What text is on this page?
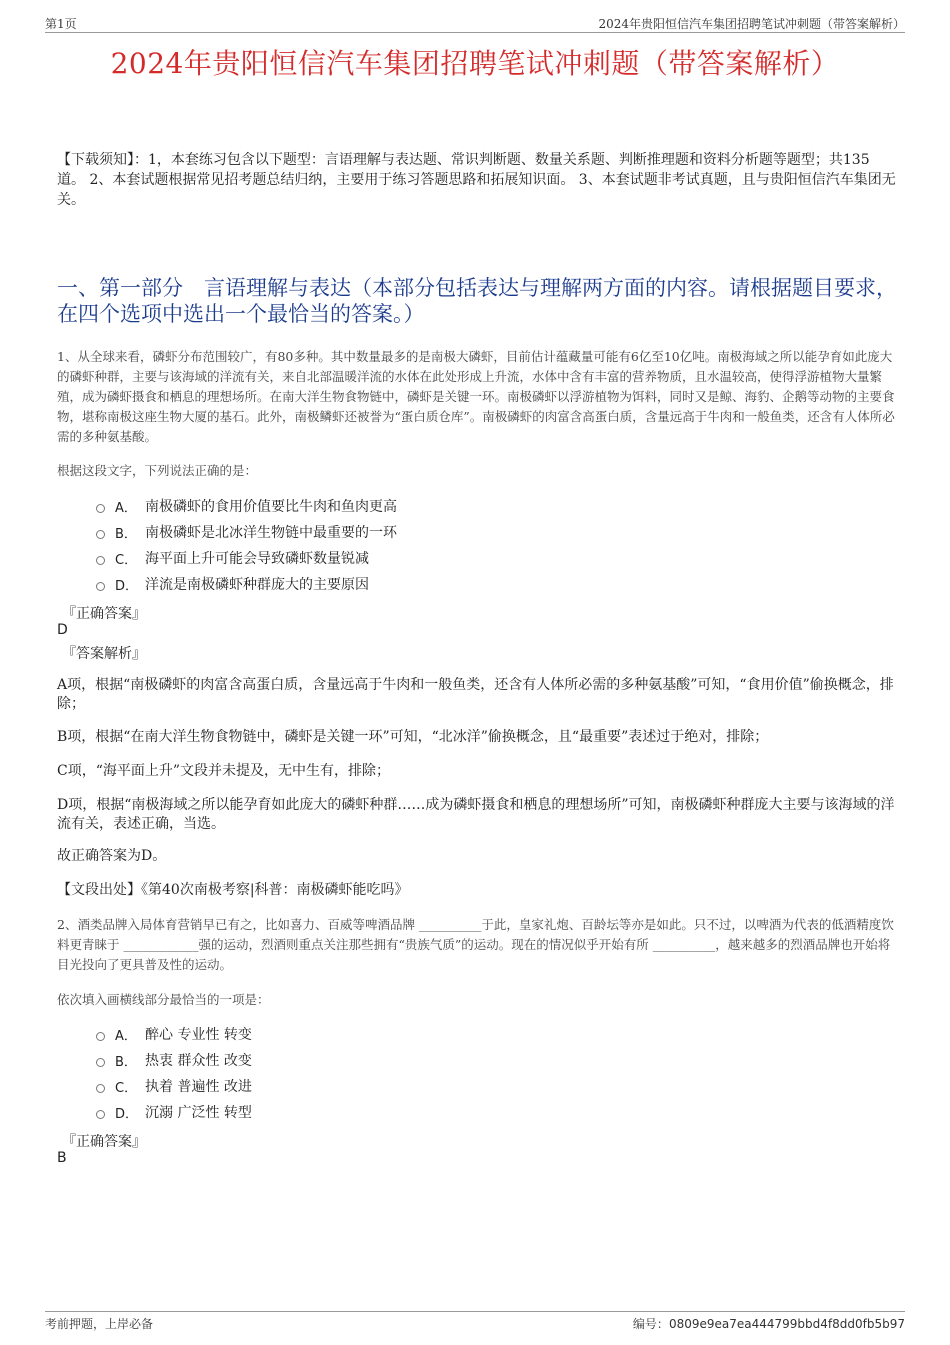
第1页	2024年贵阳恒信汽车集团招聘笔试冲刺题（带答案解析）
2024年贵阳恒信汽车集团招聘笔试冲刺题（带答案解析）
【下载须知】：1，本套练习包含以下题型：言语理解与表达题、常识判断题、数量关系题、判断推理题和资料分析题等题型；共135道。 2、本套试题根据常见招考题总结归纳，主要用于练习答题思路和拓展知识面。 3、本套试题非考试真题，且与贵阳恒信汽车集团无关。
一、第一部分　言语理解与表达（本部分包括表达与理解两方面的内容。请根据题目要求，在四个选项中选出一个最恰当的答案。）
1、从全球来看，磷虾分布范围较广，有80多种。其中数量最多的是南极大磷虾，目前估计蕴藏量可能有6亿至10亿吨。南极海域之所以能孕育如此庞大的磷虾种群，主要与该海域的洋流有关，来自北部温暖洋流的水体在此处形成上升流，水体中含有丰富的营养物质，且水温较高，使得浮游植物大量繁殖，成为磷虾摄食和栖息的理想场所。在南大洋生物食物链中，磷虾是关键一环。南极磷虾以浮游植物为饵料，同时又是鲸、海豹、企鹅等动物的主要食物，堪称南极这座生物大厦的基石。此外，南极鳞虾还被誉为“蛋白质仓库”。南极磷虾的肉富含高蛋白质，含量远高于牛肉和一般鱼类，还含有人体所必需的多种氨基酸。
根据这段文字，下列说法正确的是：
A． 南极磷虾的食用价值要比牛肉和鱼肉更高
B． 南极磷虾是北冰洋生物链中最重要的一环
C． 海平面上升可能会导致磷虾数量锐减
D． 洋流是南极磷虾种群庞大的主要原因
『正确答案』
D
『答案解析』
A项，根据“南极磷虾的肉富含高蛋白质，含量远高于牛肉和一般鱼类，还含有人体所必需的多种氨基酸”可知，“食用价值”偷换概念，排除；
B项，根据“在南大洋生物食物链中，磷虾是关键一环”可知，“北冰洋”偷换概念，且“最重要”表述过于绝对，排除；
C项，“海平面上升”文段并未提及，无中生有，排除；
D项，根据“南极海域之所以能孕育如此庞大的磷虾种群……成为磷虾摄食和栖息的理想场所”可知，南极磷虾种群庞大主要与该海域的洋流有关，表述正确，当选。
故正确答案为D。
【文段出处】《第40次南极考察|科普：南极磷虾能吃吗》
2、酒类品牌入局体育营销早已有之，比如喜力、百威等啤酒品牌 __________于此，皇家礼炮、百龄坛等亦是如此。只不过，以啤酒为代表的低酒精度饮料更青睐于 ____________强的运动，烈酒则重点关注那些拥有“贵族气质”的运动。现在的情况似乎开始有所 __________，越来越多的烈酒品牌也开始将目光投向了更具普及性的运动。
依次填入画横线部分最恰当的一项是：
A． 醉心 专业性 转变
B． 热衷 群众性 改变
C． 执着 普遍性 改进
D． 沉溺 广泛性 转型
『正确答案』
B
考前押题，上岸必备	编号：0809e9ea7ea444799bbd4f8dd0fb5b97
